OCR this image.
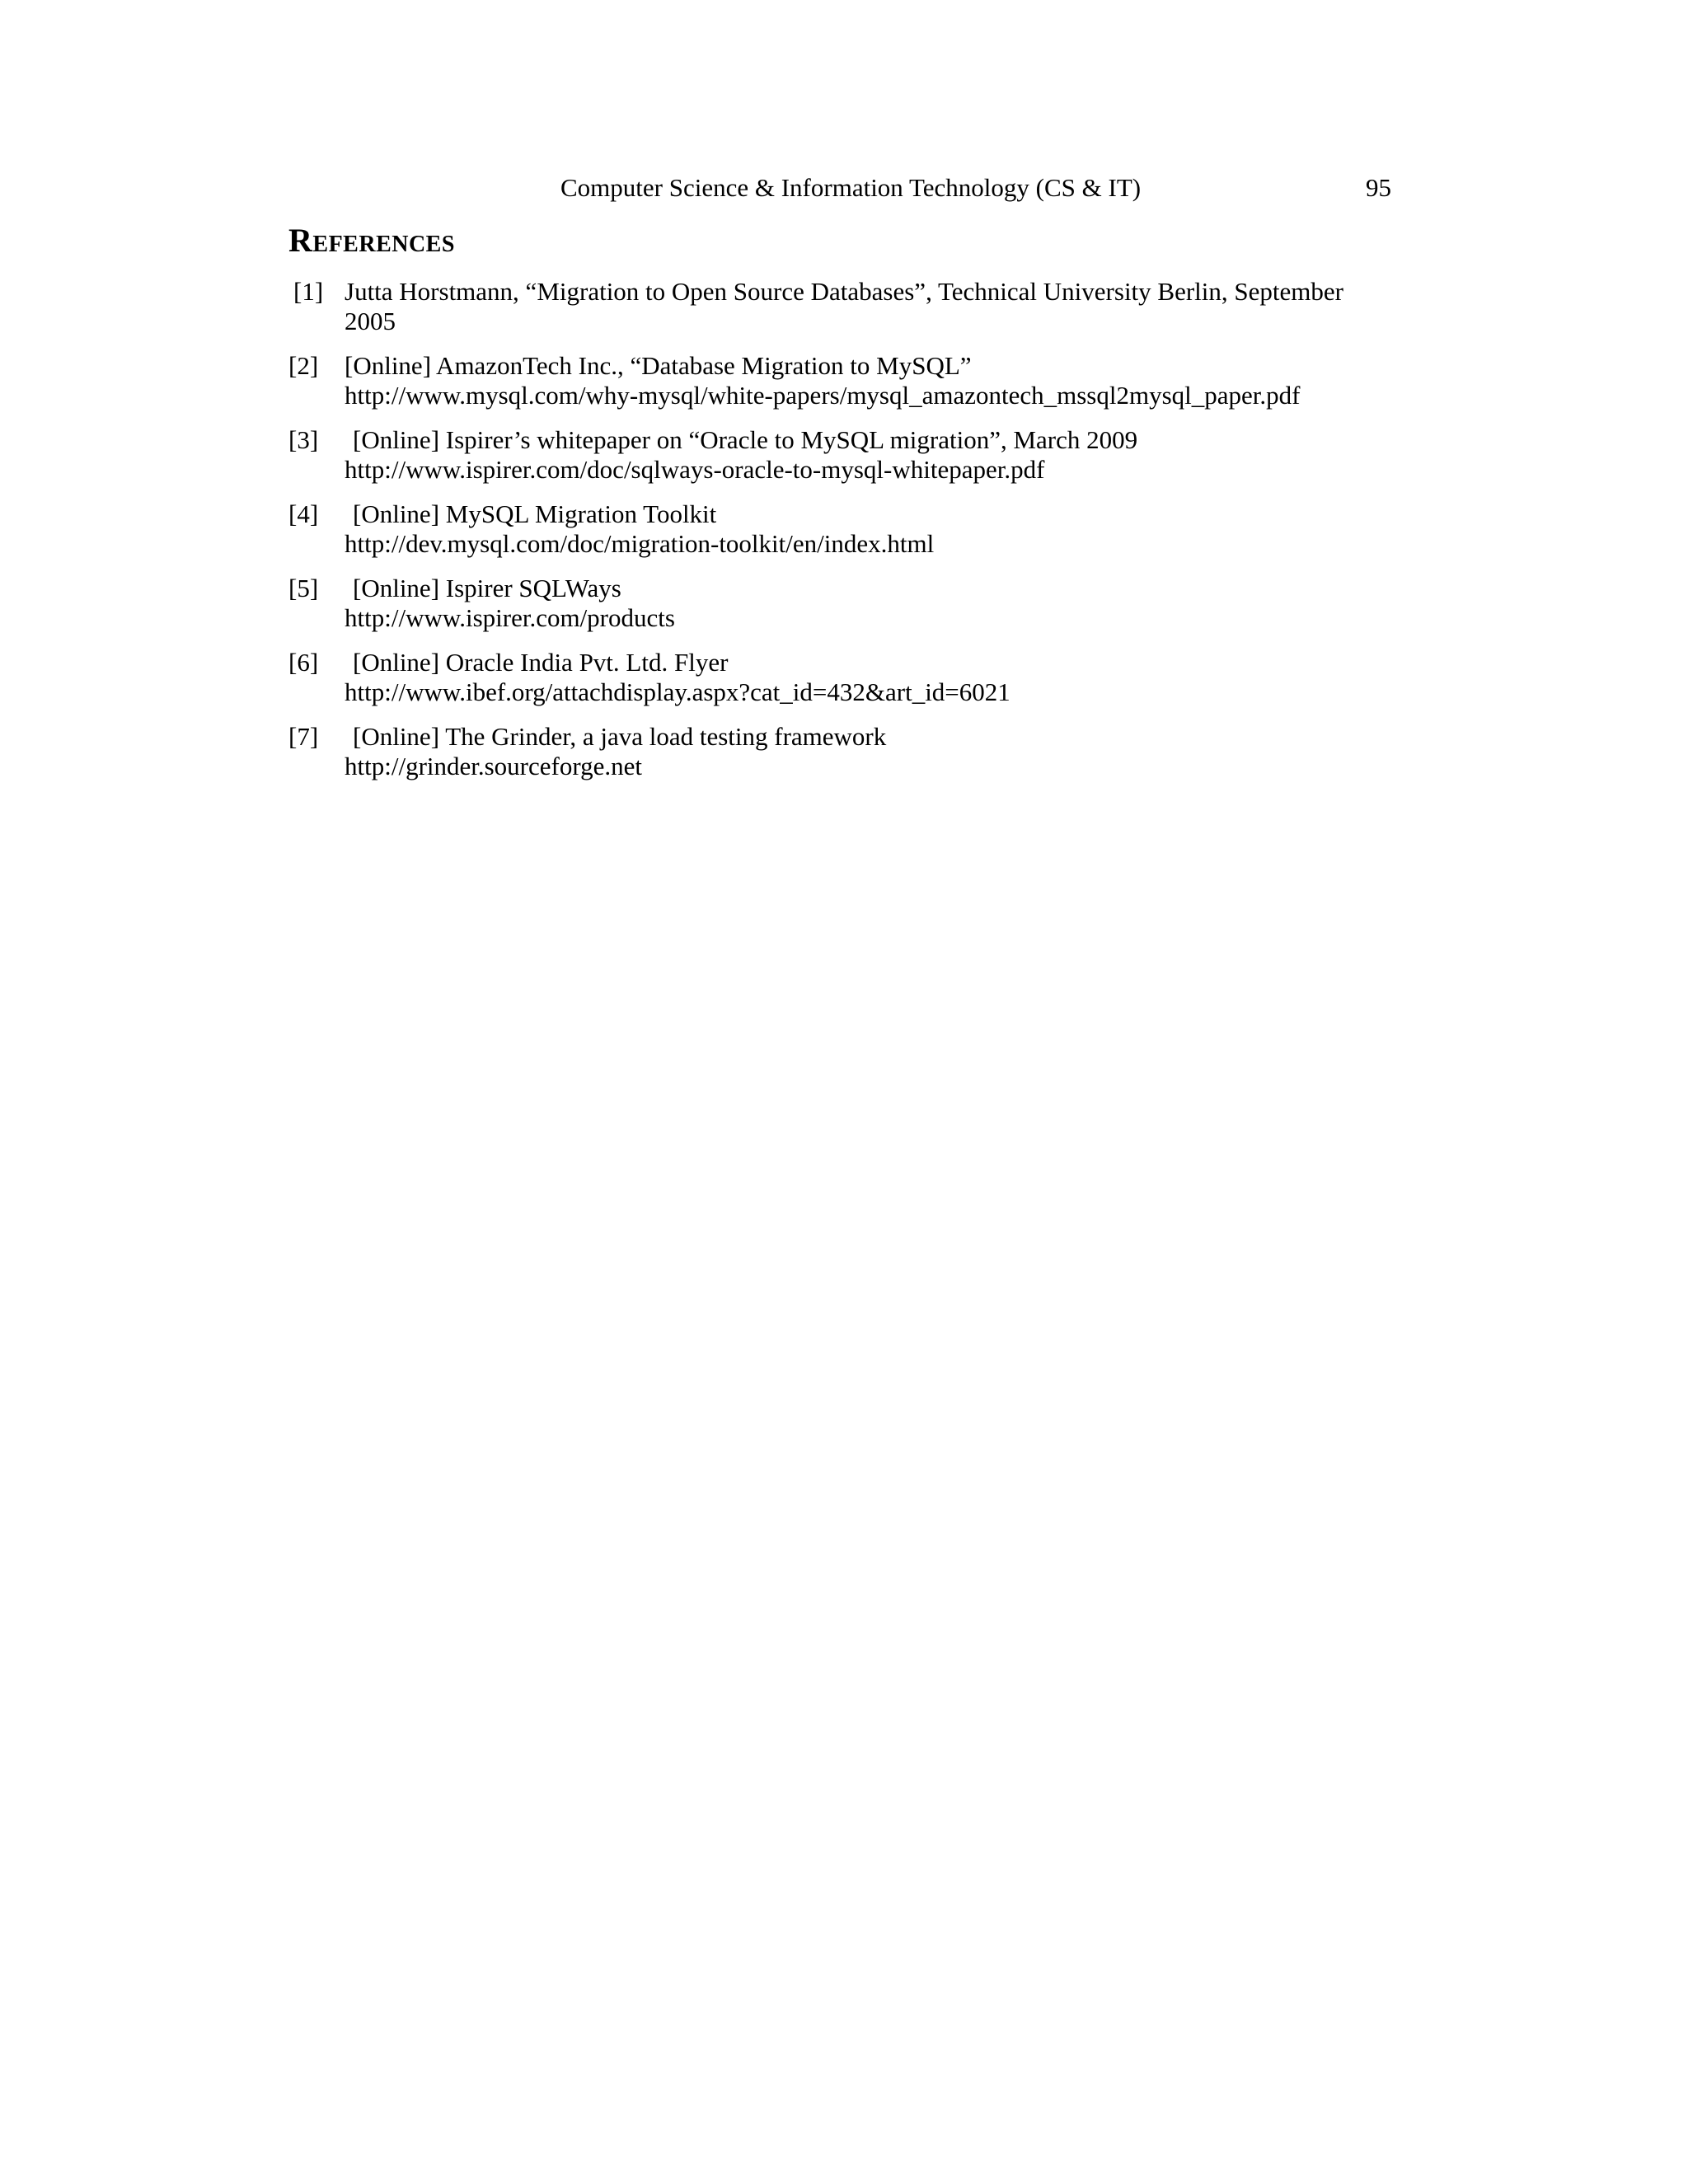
Computer Science & Information Technology (CS & IT)	95
References
[1] Jutta Horstmann, “Migration to Open Source Databases”, Technical University Berlin, September 2005
[2] [Online] AmazonTech Inc., “Database Migration to MySQL”
http://www.mysql.com/why-mysql/white-papers/mysql_amazontech_mssql2mysql_paper.pdf
[3]	[Online] Ispirer’s whitepaper on “Oracle to MySQL migration”, March 2009
http://www.ispirer.com/doc/sqlways-oracle-to-mysql-whitepaper.pdf
[4]	[Online] MySQL Migration Toolkit
http://dev.mysql.com/doc/migration-toolkit/en/index.html
[5]	[Online] Ispirer SQLWays
http://www.ispirer.com/products
[6]	[Online] Oracle India Pvt. Ltd. Flyer
http://www.ibef.org/attachdisplay.aspx?cat_id=432&art_id=6021
[7]	[Online] The Grinder, a java load testing framework
http://grinder.sourceforge.net
